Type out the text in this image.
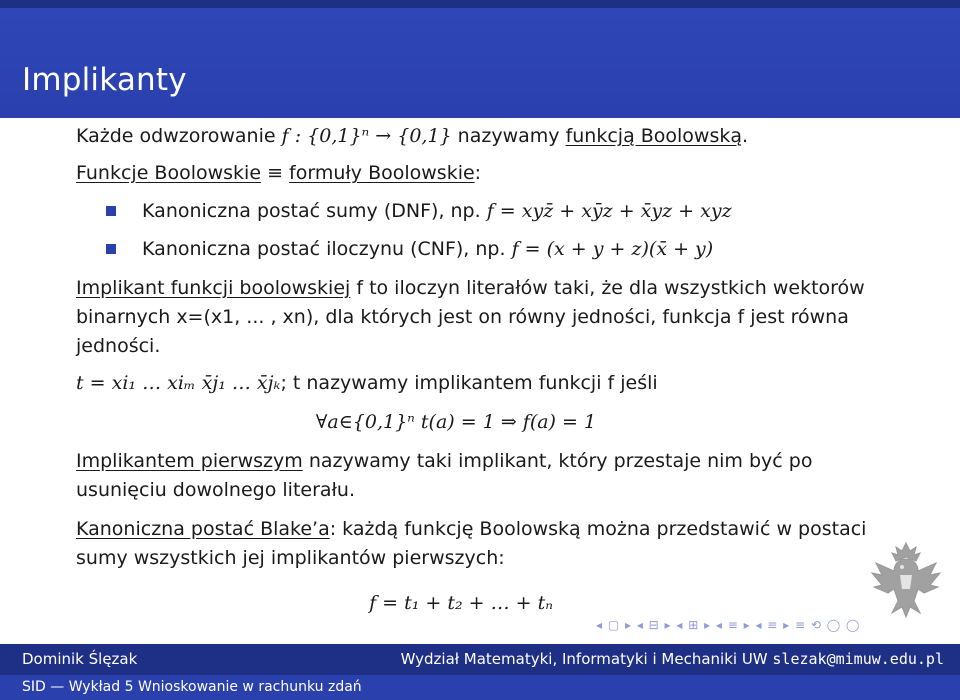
Implikanty
Każde odwzorowanie f : {0,1}ⁿ → {0,1} nazywamy funkcją Boolowską.
Funkcje Boolowskie ≡ formuły Boolowskie:
Kanoniczna postać sumy (DNF), np. f = xyz̄ + xȳz + x̄yz + xyz
Kanoniczna postać iloczynu (CNF), np. f = (x + y + z)(x̄ + y)
Implikant funkcji boolowskiej f to iloczyn literałów taki, że dla wszystkich wektorów
binarnych x=(x1, ... , xn), dla których jest on równy jedności, funkcja f jest równa
jedności.
t = xi₁ … xiₘ x̄j₁ … x̄jₖ; t nazywamy implikantem funkcji f jeśli
∀a∈{0,1}ⁿ t(a) = 1 ⇒ f(a) = 1
Implikantem pierwszym nazywamy taki implikant, który przestaje nim być po
usunięciu dowolnego literału.
Kanoniczna postać Blake’a: każdą funkcję Boolowską można przedstawić w postaci
sumy wszystkich jej implikantów pierwszych:
f = t₁ + t₂ + … + tₙ
◂ ▢ ▸ ◂ ⊟ ▸ ◂ ⊞ ▸ ◂ ≡ ▸ ◂ ≡ ▸ ≡ ⟲ ◯ ◯
Dominik Ślęzak	Wydział Matematyki, Informatyki i Mechaniki UW slezak@mimuw.edu.pl
SID — Wykład 5 Wnioskowanie w rachunku zdań
